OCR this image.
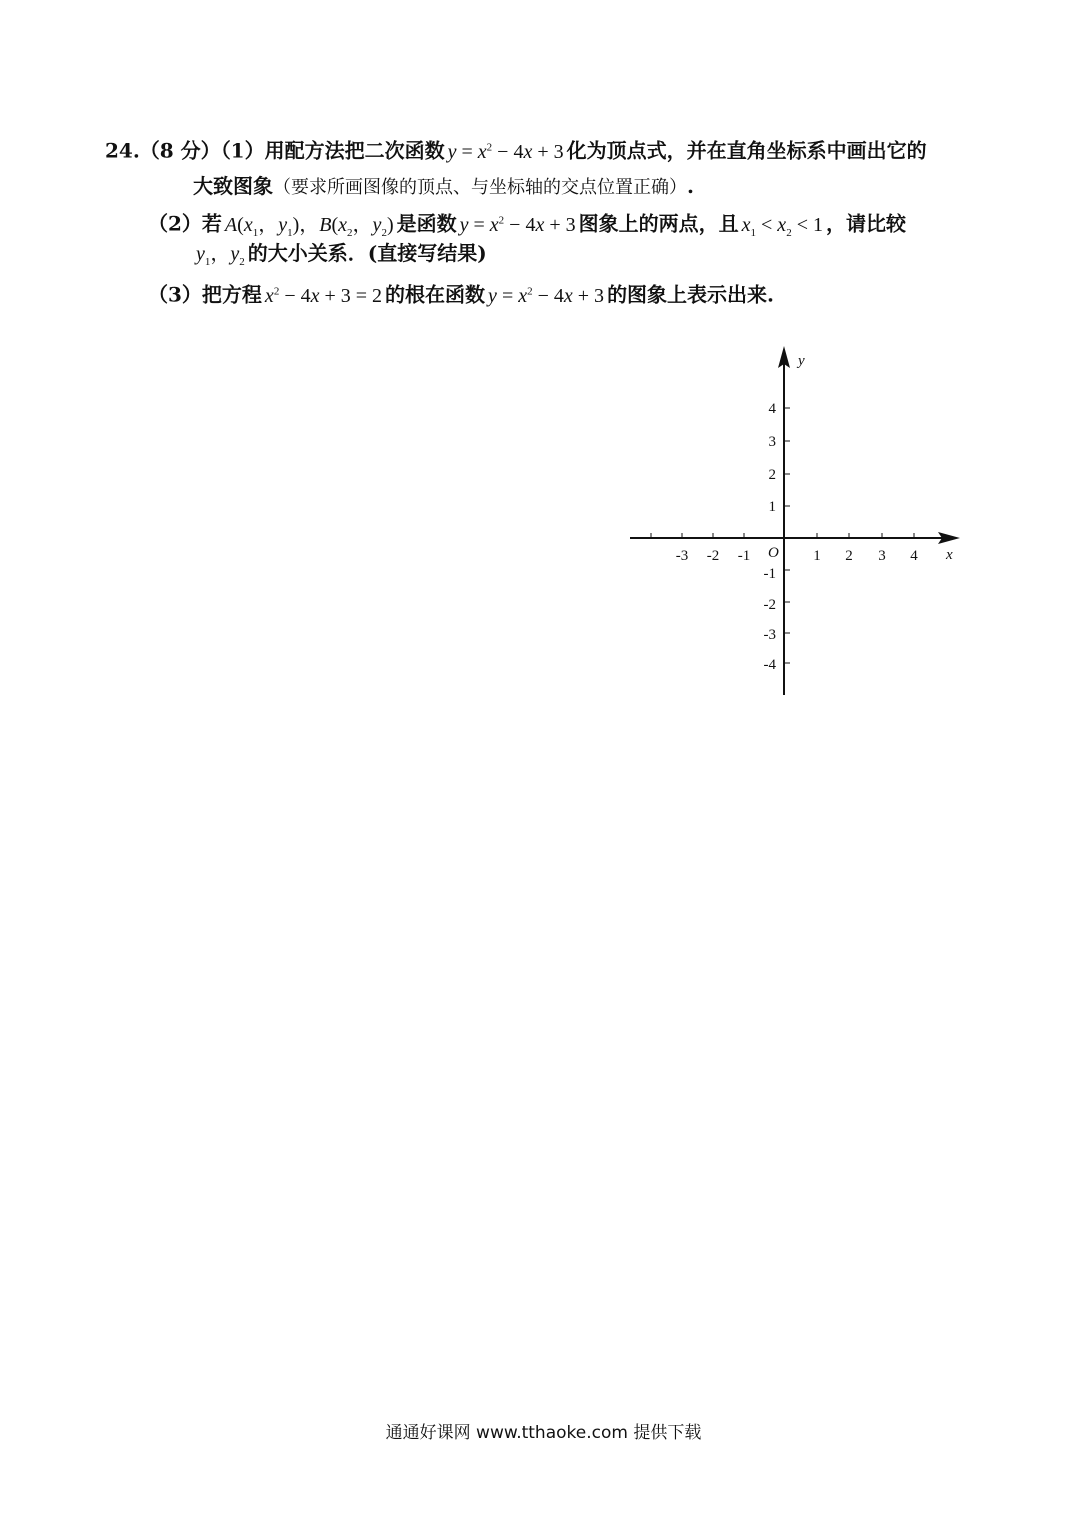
24.（8 分）（1）用配方法把二次函数 $y = x^2 - 4x + 3$ 化为顶点式，并在直角坐标系中画出它的
大致图象（要求所画图像的顶点、与坐标轴的交点位置正确）.
（2）若 $A(x_1$，$y_1$)，$B(x_2$，$y_2$) 是函数 $y = x^2 - 4x + 3$ 图象上的两点，且 $x_1 < x_2 < 1$ ，请比较
$y_1$，$y_2$ 的大小关系．(直接写结果)
（3）把方程 $x^2 - 4x + 3 = 2$ 的根在函数 $y = x^2 - 4x + 3$ 的图象上表示出来.
-3 -2 -1	1 2 3 4
4
3
2
1
-1
-2
-3
-4
O	x
y
通通好课网 www.tthaoke.com 提供下载
